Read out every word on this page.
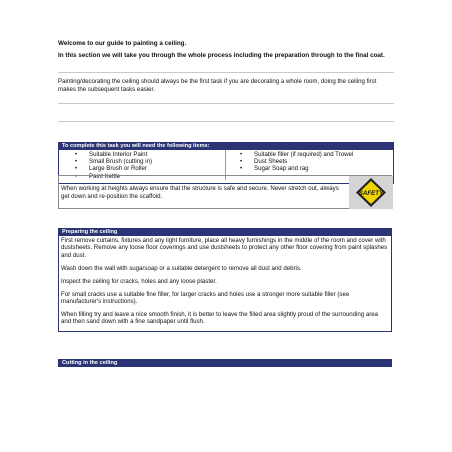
Welcome to our guide to painting a ceiling.
In this section we will take you through the whole process including the preparation through to the final coat.
Painting/decorating the ceiling should always be the first task if you are decorating a whole room, doing the ceiling first makes the subsequent tasks easier.
To complete this task you will need the following items:
• Suitable Interior Paint
• Small Brush (cutting in)
• Large Brush or Roller
• Paint Kettle
• Suitable filler (if required) and Trowel
• Dust Sheets
• Sugar Soap and rag
When working at heights always ensure that the structure is safe and secure. Never stretch out, always get down and re-position the scaffold.	SAFETY
Preparing the ceiling

First remove curtains, fixtures and any light furniture, place all heavy furnishings in the middle of the room and cover with dustsheets. Remove any loose floor coverings and use dustsheets to protect any other floor covering from paint splashes and dust.

Wash down the wall with sugarsoap or a suitable detergent to remove all dust and debris.

Inspect the ceiling for cracks, holes and any loose plaster.

For small cracks use a suitable fine filler, for larger cracks and holes use a stronger more suitable filler (see manufacturer's instructions).

When filling try and leave a nice smooth finish, it is better to leave the filled area slightly proud of the surrounding area and then sand down with a fine sandpaper until flush.

Cutting in the ceiling
